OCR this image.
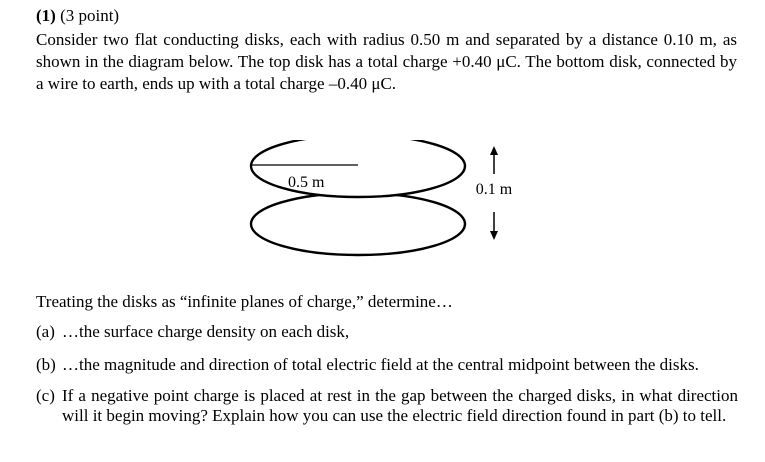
(1) (3 point)
Consider two flat conducting disks, each with radius 0.50 m and separated by a distance 0.10 m, as shown in the diagram below. The top disk has a total charge +0.40 μC. The bottom disk, connected by a wire to earth, ends up with a total charge –0.40 μC.
0.5 m	0.1 m
Treating the disks as “infinite planes of charge,” determine…
(a) …the surface charge density on each disk,
(b) …the magnitude and direction of total electric field at the central midpoint between the disks.
(c) If a negative point charge is placed at rest in the gap between the charged disks, in what direction will it begin moving? Explain how you can use the electric field direction found in part (b) to tell.
